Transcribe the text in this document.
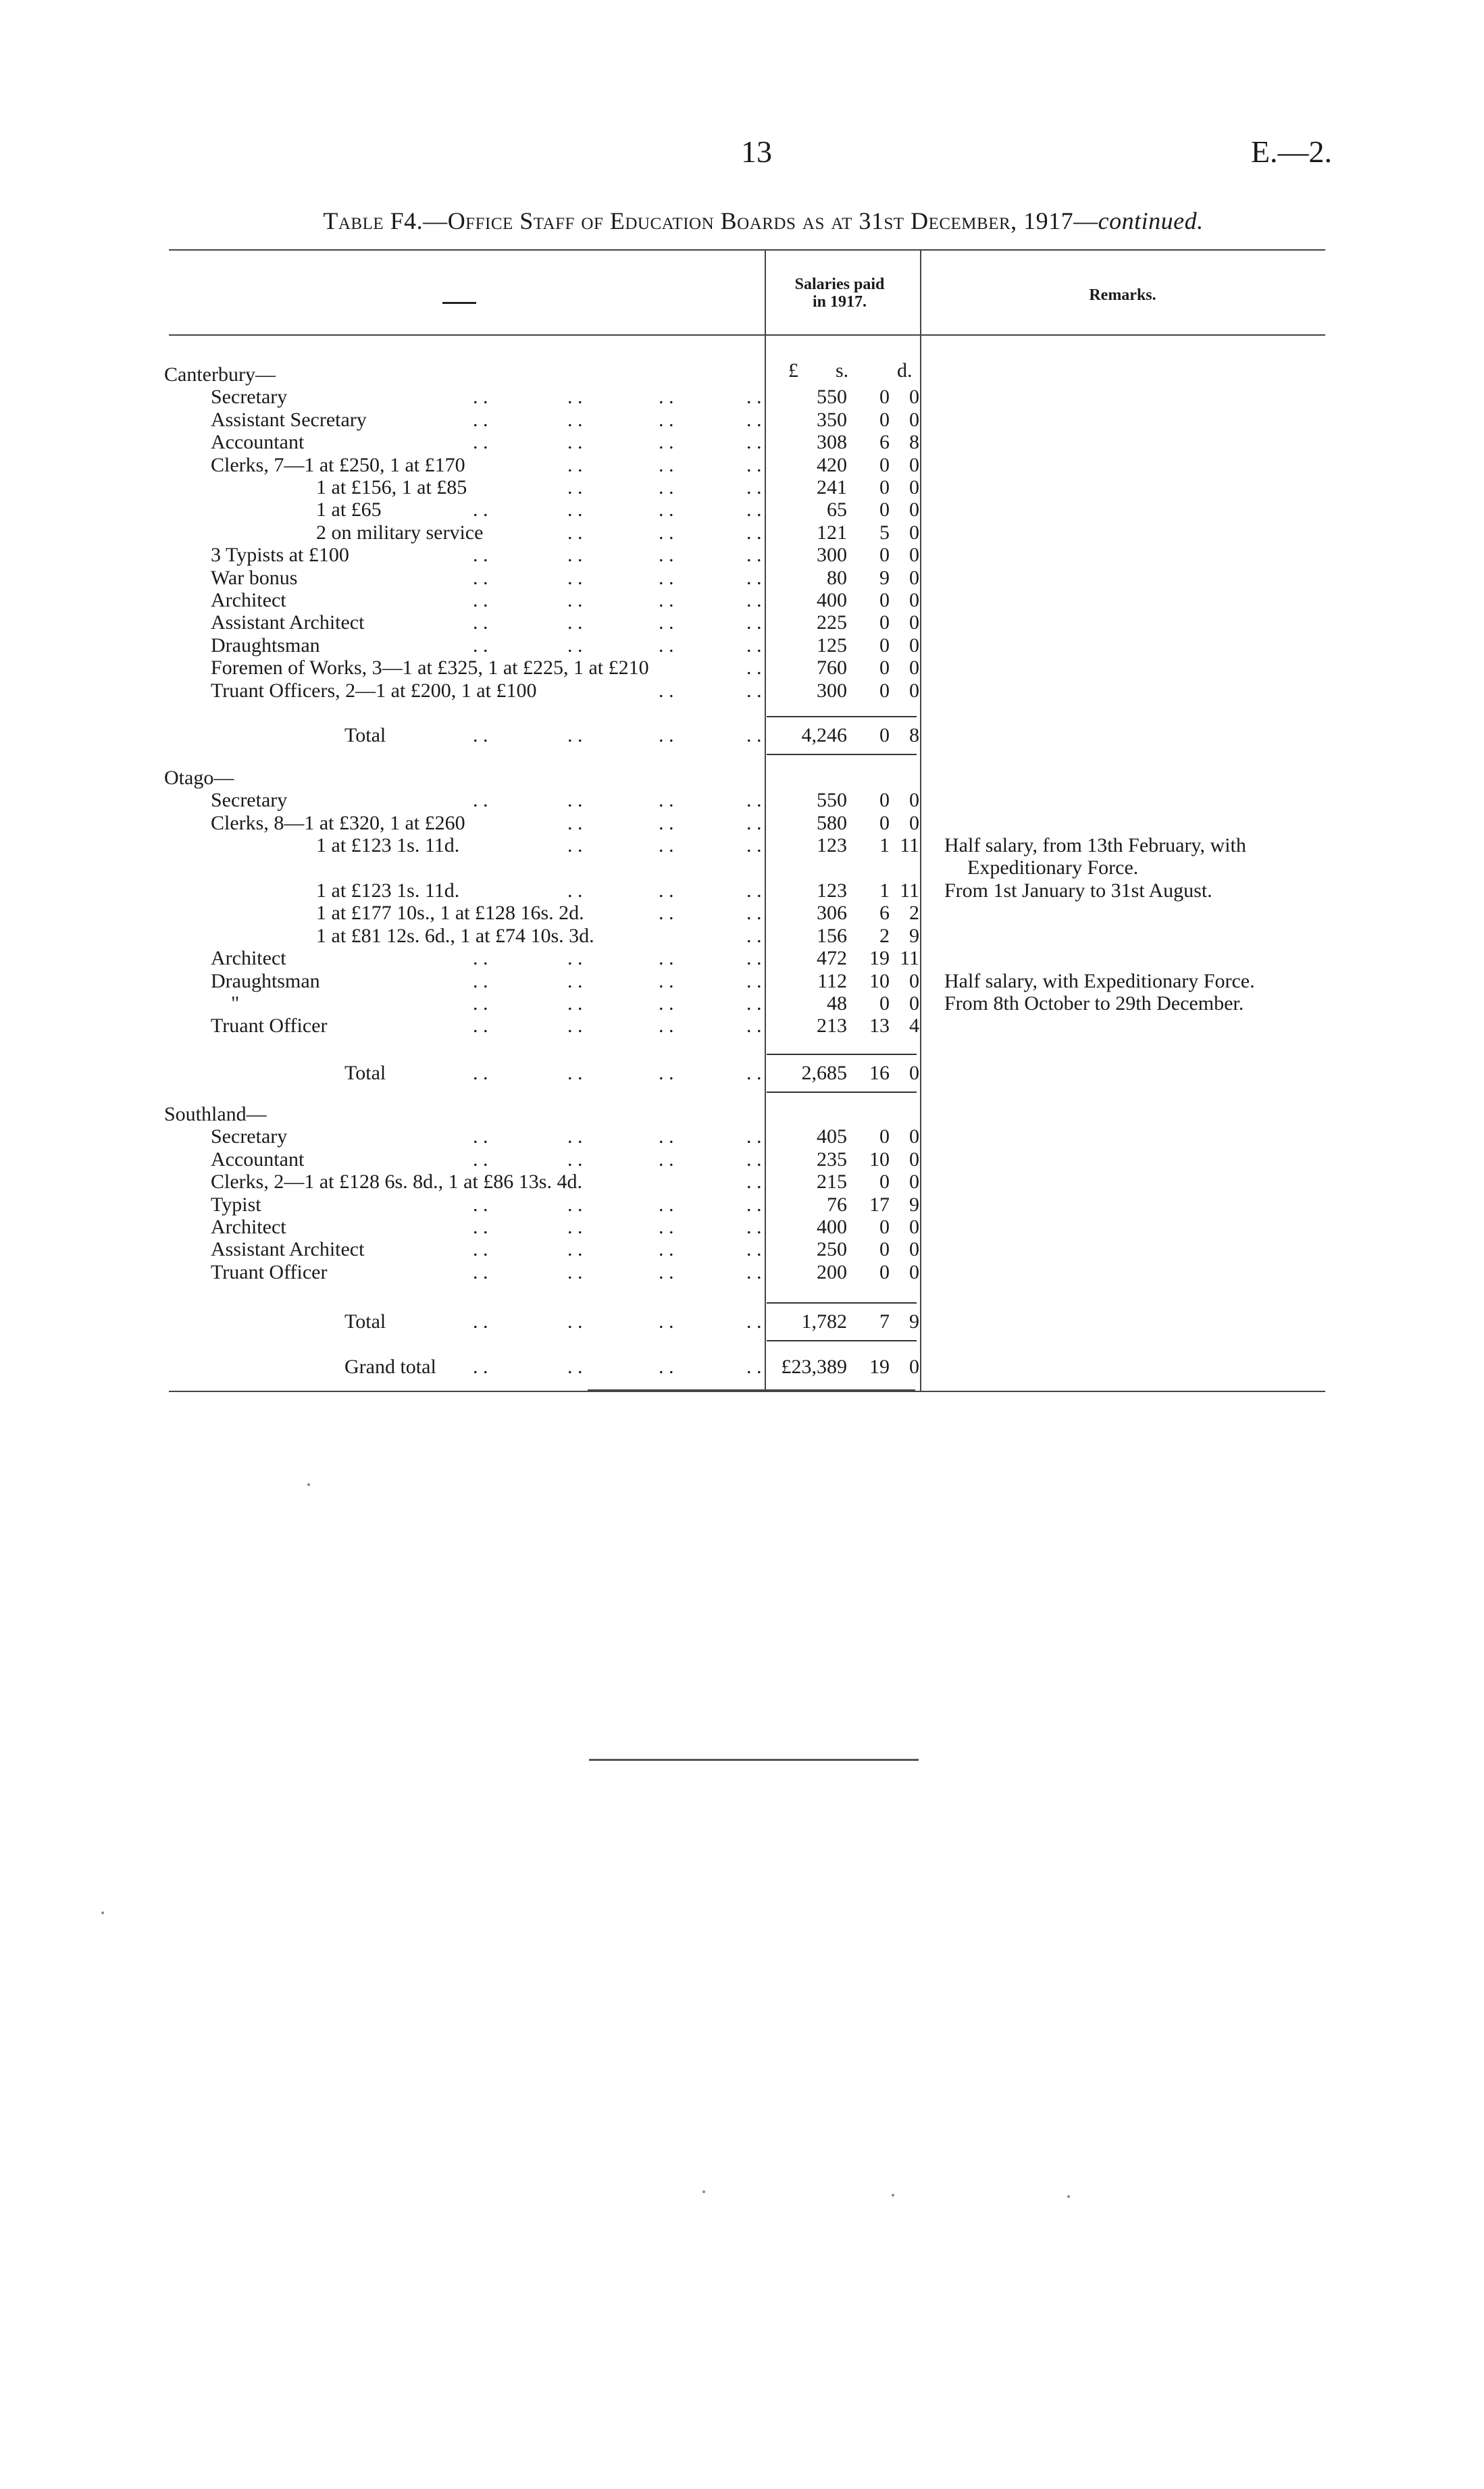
13	E.—2.
Table F4.—Office Staff of Education Boards as at 31st December, 1917—continued.
Salaries paid
in 1917.	Remarks.
£ s. d.
Canterbury—
Secretary	. .	. .	. .	. .	550 0 0
Assistant Secretary	. .	. .	. .	. .	350 0 0
Accountant	. .	. .	. .	. .	308 6 8
Clerks, 7—1 at £250, 1 at £170	. .	. .	. .	420 0 0
1 at £156, 1 at £85	. .	. .	. .	241 0 0
1 at £65	. .	. .	. .	. .	65 0 0
2 on military service	. .	. .	. .	121 5 0
3 Typists at £100	. .	. .	. .	. .	300 0 0
War bonus	. .	. .	. .	. .	80 9 0
Architect	. .	. .	. .	. .	400 0 0
Assistant Architect	. .	. .	. .	. .	225 0 0
Draughtsman	. .	. .	. .	. .	125 0 0
Foremen of Works, 3—1 at £325, 1 at £225, 1 at £210	. .	760 0 0
Truant Officers, 2—1 at £200, 1 at £100	. .	. .	300 0 0
Total	. .	. .	. .	. . 4,246 0 8
Otago—
Secretary	. .	. .	. .	. .	550 0 0
Clerks, 8—1 at £320, 1 at £260	. .	. .	. .	580 0 0
1 at £123 1s. 11d.	. .	. .	. .	123 1 11 Half salary, from 13th February, with
Expeditionary Force.
1 at £123 1s. 11d.	. .	. .	. .	123 1 11 From 1st January to 31st August.
1 at £177 10s., 1 at £128 16s. 2d.	. .	. .	306 6 2
1 at £81 12s. 6d., 1 at £74 10s. 3d.	. .	156 2 9
Architect	. .	. .	. .	. .	472 19 11
Draughtsman	. .	. .	. .	. .	112 10 0 Half salary, with Expeditionary Force.
"	. .	. .	. .	. .	48 0 0 From 8th October to 29th December.
Truant Officer	. .	. .	. .	. .	213 13 4
Total	. .	. .	. .	. . 2,685 16 0
Southland—
Secretary	. .	. .	. .	. .	405 0 0
Accountant	. .	. .	. .	. .	235 10 0
Clerks, 2—1 at £128 6s. 8d., 1 at £86 13s. 4d.	. .	215 0 0
Typist	. .	. .	. .	. .	76 17 9
Architect	. .	. .	. .	. .	400 0 0
Assistant Architect	. .	. .	. .	. .	250 0 0
Truant Officer	. .	. .	. .	. .	200 0 0
Total	. .	. .	. .	. . 1,782 7 9
Grand total . .	. .	. .	. . £23,389 19 0
